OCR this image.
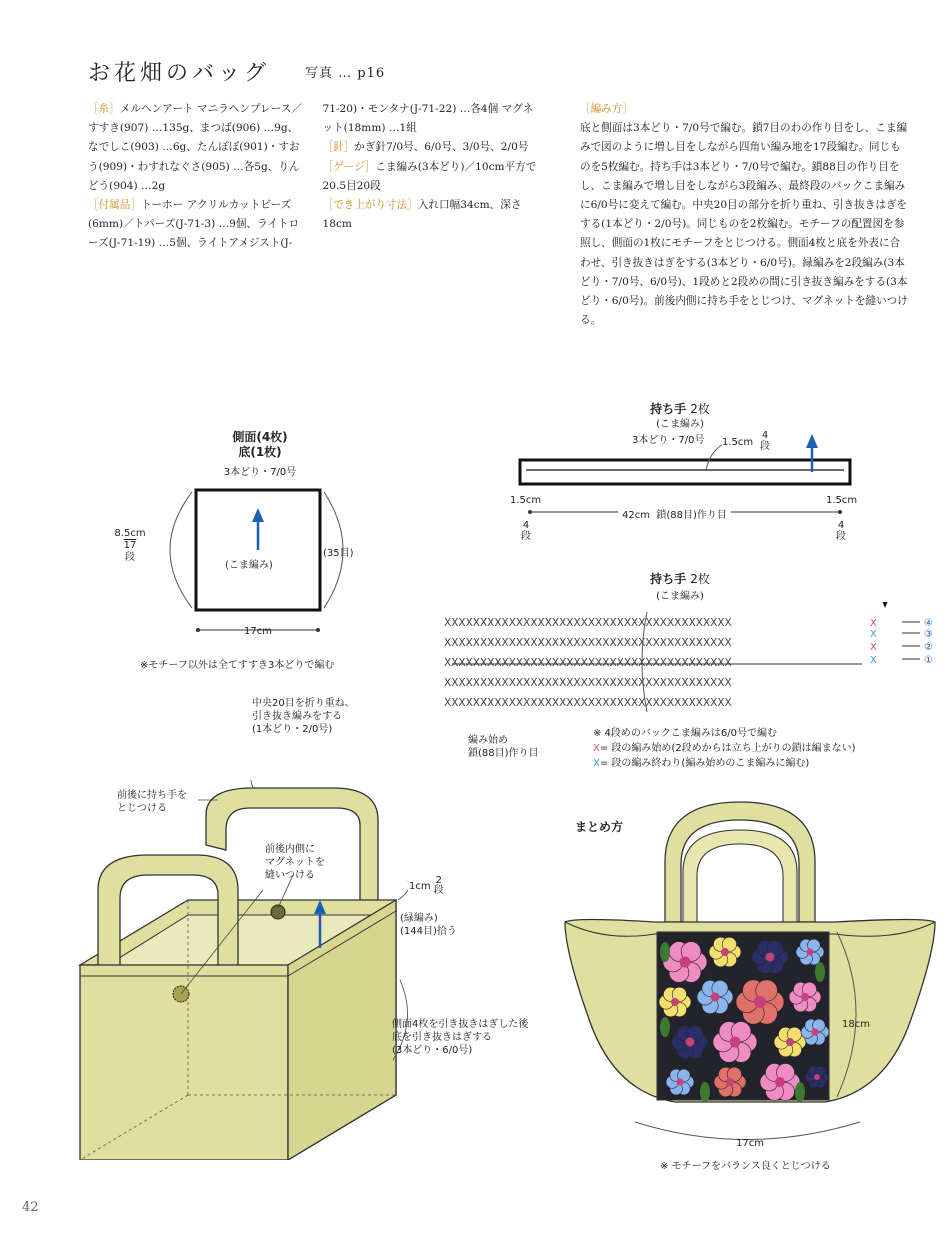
お花畑のバッグ	写真 … p16

［糸］メルヘンアート マニラヘンプレース／すすき(907) …135g、まつば(906) …9g、なでしこ(903) …6g、たんぽぽ(901)・すおう(909)・わすれなぐさ(905) …各5g、りんどう(904) …2g

［付属品］トーホー アクリルカットビーズ(6mm)／トパーズ(J-71-3) …9個、ライトローズ(J-71-19) …5個、ライトアメジスト(J-71-20)・モンタナ(J-71-22) …各4個 マグネット(18mm) …1組

［針］かぎ針7/0号、6/0号、3/0号、2/0号

［ゲージ］こま編み(3本どり)／10cm平方で20.5目20段

［でき上がり寸法］入れ口幅34cm、深さ18cm

［編み方］

底と側面は3本どり・7/0号で編む。鎖7目のわの作り目をし、こま編みで図のように増し目をしながら四角い編み地を17段編む。同じものを5枚編む。持ち手は3本どり・7/0号で編む。鎖88目の作り目をし、こま編みで増し目をしながら3段編み、最終段のバックこま編みに6/0号に変えて編む。中央20目の部分を折り重ね、引き抜きはぎをする(1本どり・2/0号)。同じものを2枚編む。モチーフの配置図を参照し、側面の1枚にモチーフをとじつける。側面4枚と底を外表に合わせ、引き抜きはぎをする(3本どり・6/0号)。緑編みを2段編み(3本どり・7/0号、6/0号)、1段めと2段めの間に引き抜き編みをする(3本どり・6/0号)。前後内側に持ち手をとじつけ、マグネットを縫いつける。

側面(4枚)
底(1枚)
3本どり・7/0号
8.5cm
17
段	(35目)
(こま編み)
17cm
※モチーフ以外は全てすすき3本どりで編む
持ち手 2枚
(こま編み)
3本どり・7/0号 1.5cm
4
段
1.5cm	1.5cm
4
段
4
段
42cm 鎖(88目)作り目
持ち手 2枚
(こま編み)
XXXXXXXXXXXXXXXXXXXXXXXXXXXXXXXXXXXXXXXX
XXXXXXXXXXXXXXXXXXXXXXXXXXXXXXXXXXXXXXXX
XXXXXXXXXXXXXXXXXXXXXXXXXXXXXXXXXXXXXXXX
XXXXXXXXXXXXXXXXXXXXXXXXXXXXXXXXXXXXXXXX
XXXXXXXXXXXXXXXXXXXXXXXXXXXXXXXXXXXXXXXX
X	④
X	③
X	②
X	①
編み始め
鎖(88目)作り目
※ 4段めのバックこま編みは6/0号で編む
X= 段の編み始め(2段めからは立ち上がりの鎖は編まない)
X= 段の編み終わり(編み始めのこま編みに編む)
中央20目を折り重ね、
引き抜き編みをする
(1本どり・2/0号)
前後に持ち手を
とじつける
前後内側に
マグネットを
縫いつける
1cm 2
段
(緑編み)
(144目)拾う
側面4枚を引き抜きはぎした後
底を引き抜きはぎする
(3本どり・6/0号)
まとめ方
18cm
17cm
※ モチーフをバランス良くとじつける
42
